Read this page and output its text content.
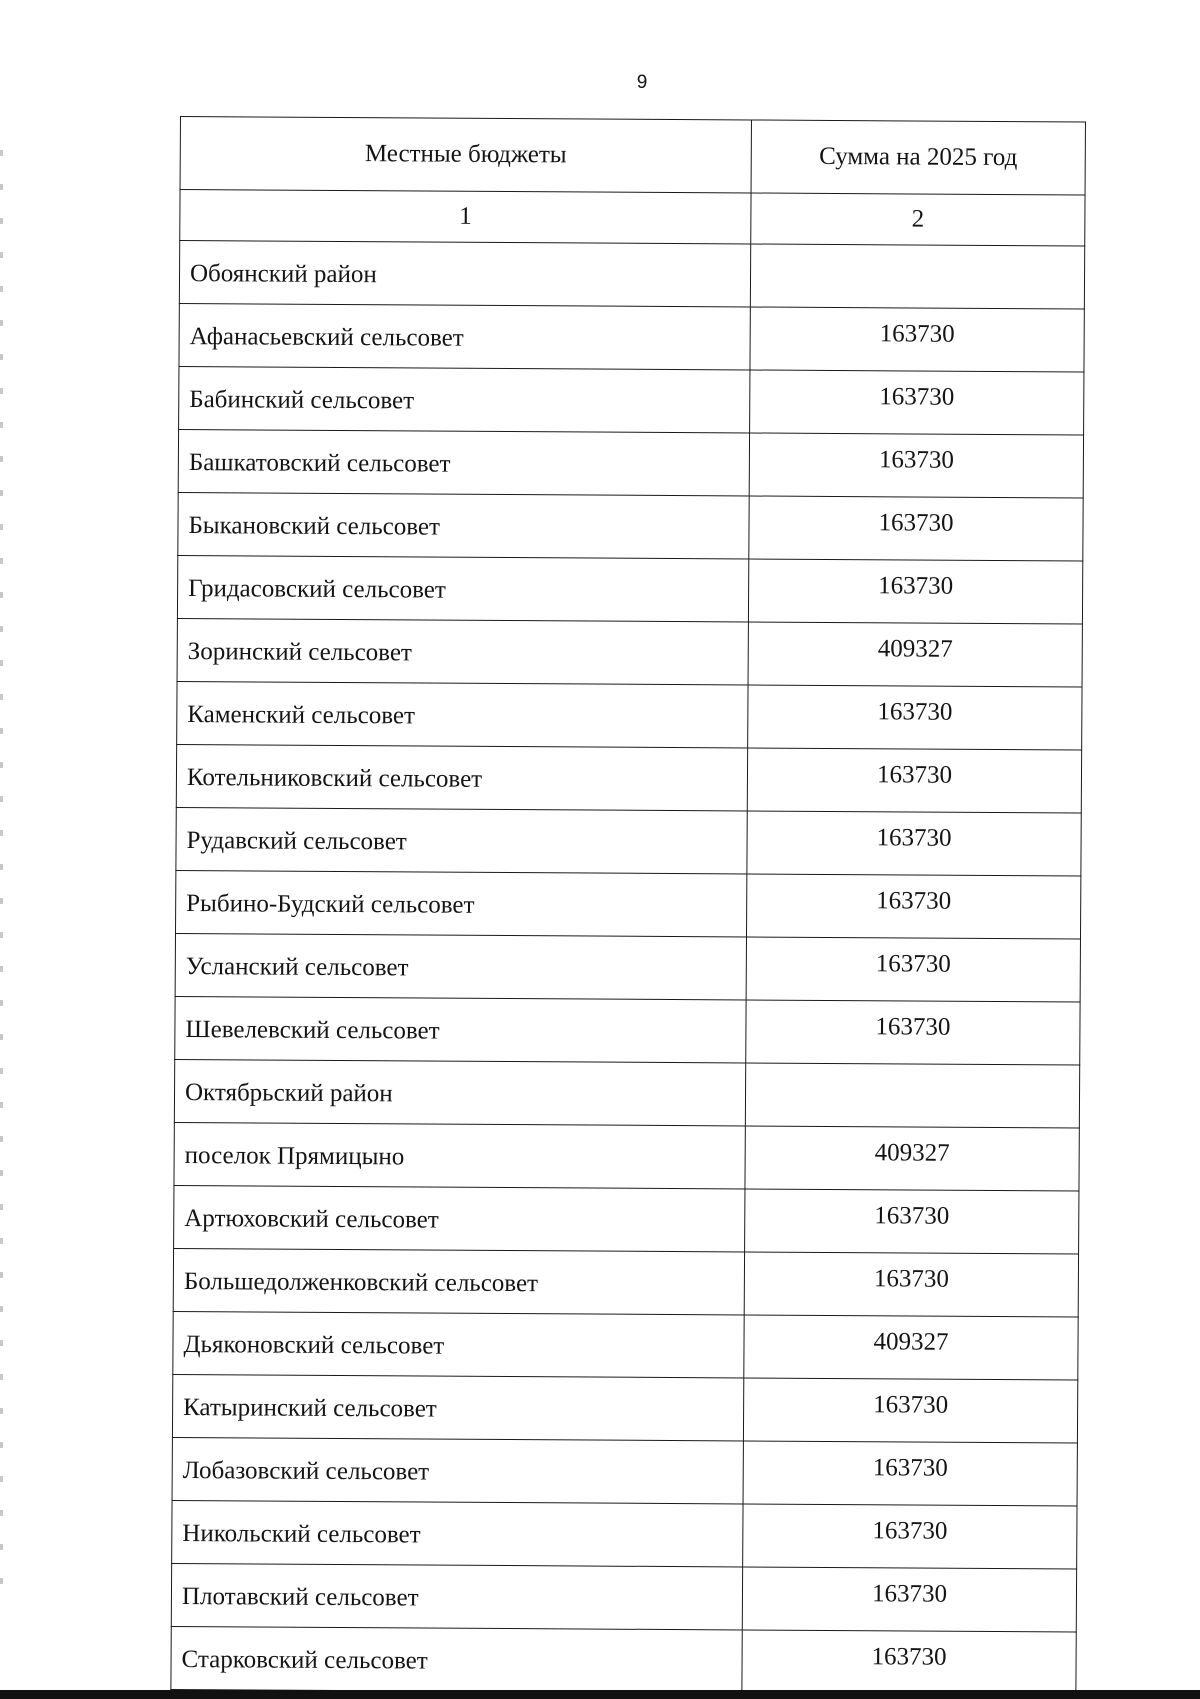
9
Местные бюджеты	Сумма на 2025 год
1	2
Обоянский район	
Афанасьевский сельсовет	163730
Бабинский сельсовет	163730
Башкатовский сельсовет	163730
Быкановский сельсовет	163730
Гридасовский сельсовет	163730
Зоринский сельсовет	409327
Каменский сельсовет	163730
Котельниковский сельсовет	163730
Рудавский сельсовет	163730
Рыбино-Будский сельсовет	163730
Усланский сельсовет	163730
Шевелевский сельсовет	163730
Октябрьский район	
поселок Прямицыно	409327
Артюховский сельсовет	163730
Большедолженковский сельсовет	163730
Дьяконовский сельсовет	409327
Катыринский сельсовет	163730
Лобазовский сельсовет	163730
Никольский сельсовет	163730
Плотавский сельсовет	163730
Старковский сельсовет	163730
